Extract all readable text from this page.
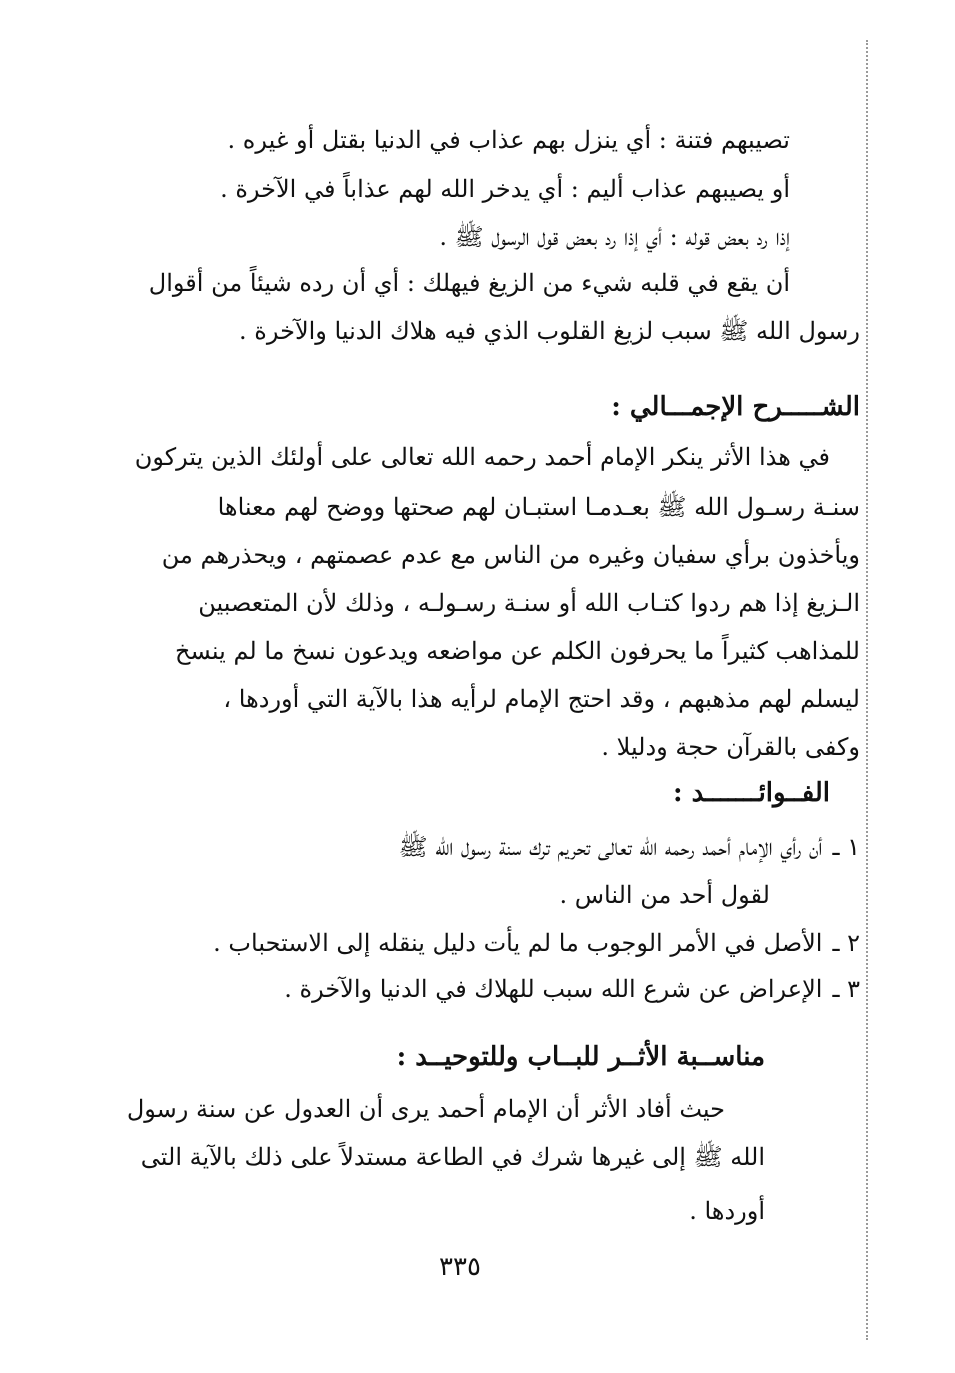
تصيبهم فتنة : أي ينزل بهم عذاب في الدنيا بقتل أو غيره .
أو يصيبهم عذاب أليم : أي يدخر الله لهم عذاباً في الآخرة .
إذا رد بعض قوله : أي إذا رد بعض قول الرسول ﷺ .
أن يقع في قلبه شيء من الزيغ فيهلك : أي أن رده شيئاً من أقوال
رسول الله ﷺ سبب لزيغ القلوب الذي فيه هلاك الدنيا والآخرة .
الشـــــرح الإجمـــالي :
في هذا الأثر ينكر الإمام أحمد رحمه الله تعالى على أولئك الذين يتركون
سنـة رسـول الله ﷺ بعـدمـا استبـان لهم صحتها ووضح لهم معناها
ويأخذون برأي سفيان وغيره من الناس مع عدم عصمتهم ، ويحذرهم من
الـزيغ إذا هم ردوا كتـاب الله أو سنـة رسـولـه ، وذلك لأن المتعصبين
للمذاهب كثيراً ما يحرفون الكلم عن مواضعه ويدعون نسخ ما لم ينسخ
ليسلم لهم مذهبهم ، وقد احتج الإمام لرأيه هذا بالآية التي أوردها ،
وكفى بالقرآن حجة ودليلا .
الفــوائـــــــد :
١ ـأن رأي الإمام أحمد رحمه الله تعالى تحريم ترك سنة رسول الله ﷺ
لقول أحد من الناس .
٢ ـالأصل في الأمر الوجوب ما لم يأت دليل ينقله إلى الاستحباب .
٣ ـالإعراض عن شرع الله سبب للهلاك في الدنيا والآخرة .
مناســبة الأثــر للبــاب وللتوحيــد :
حيث أفاد الأثر أن الإمام أحمد يرى أن العدول عن سنة رسول
الله ﷺ إلى غيرها شرك في الطاعة مستدلاً على ذلك بالآية التى
أوردها .
٣٣٥
